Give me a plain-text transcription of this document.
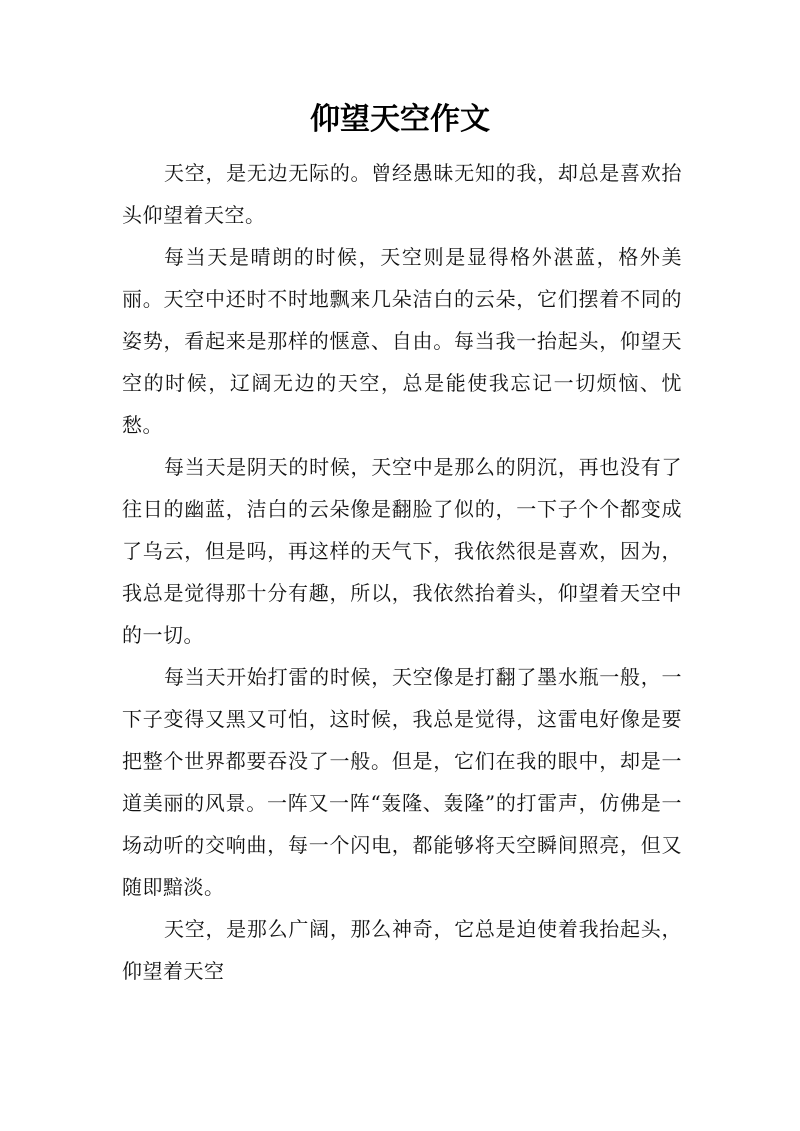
仰望天空作文

天空，是无边无际的。曾经愚昧无知的我，却总是喜欢抬头仰望着天空。

每当天是晴朗的时候，天空则是显得格外湛蓝，格外美丽。天空中还时不时地飘来几朵洁白的云朵，它们摆着不同的姿势，看起来是那样的惬意、自由。每当我一抬起头，仰望天空的时候，辽阔无边的天空，总是能使我忘记一切烦恼、忧愁。

每当天是阴天的时候，天空中是那么的阴沉，再也没有了往日的幽蓝，洁白的云朵像是翻脸了似的，一下子个个都变成了乌云，但是吗，再这样的天气下，我依然很是喜欢，因为，我总是觉得那十分有趣，所以，我依然抬着头，仰望着天空中的一切。

每当天开始打雷的时候，天空像是打翻了墨水瓶一般，一下子变得又黑又可怕，这时候，我总是觉得，这雷电好像是要把整个世界都要吞没了一般。但是，它们在我的眼中，却是一道美丽的风景。一阵又一阵“轰隆、轰隆”的打雷声，仿佛是一场动听的交响曲，每一个闪电，都能够将天空瞬间照亮，但又随即黯淡。

天空，是那么广阔，那么神奇，它总是迫使着我抬起头，仰望着天空
